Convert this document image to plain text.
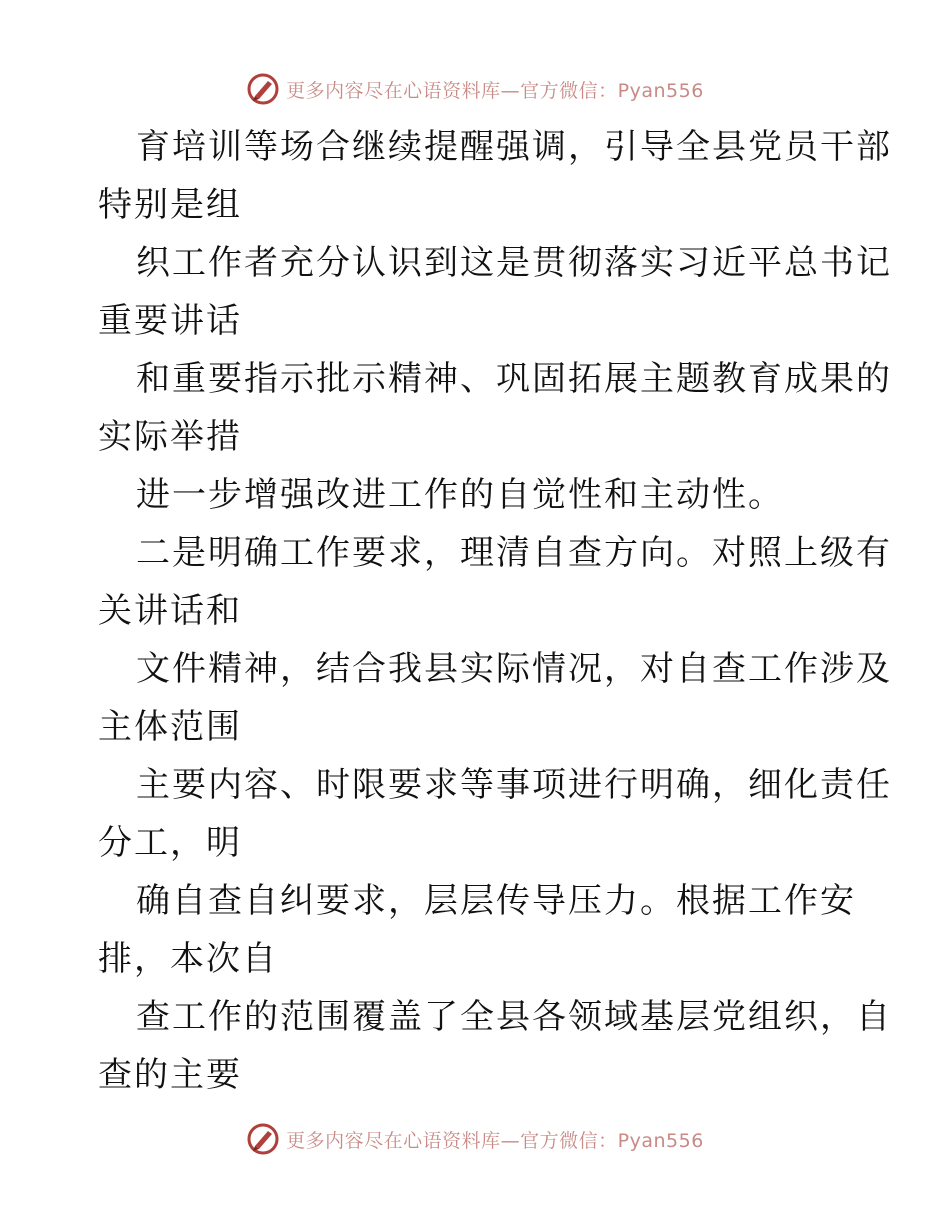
更多内容尽在心语资料库—官方微信：Pyan556
育培训等场合继续提醒强调，引导全县党员干部
特别是组
织工作者充分认识到这是贯彻落实习近平总书记
重要讲话
和重要指示批示精神、巩固拓展主题教育成果的
实际举措
进一步增强改进工作的自觉性和主动性。
二是明确工作要求，理清自查方向。对照上级有
关讲话和
文件精神，结合我县实际情况，对自查工作涉及
主体范围
主要内容、时限要求等事项进行明确，细化责任
分工，明
确自查自纠要求，层层传导压力。根据工作安
排，本次自
查工作的范围覆盖了全县各领域基层党组织，自
查的主要
更多内容尽在心语资料库—官方微信：Pyan556
